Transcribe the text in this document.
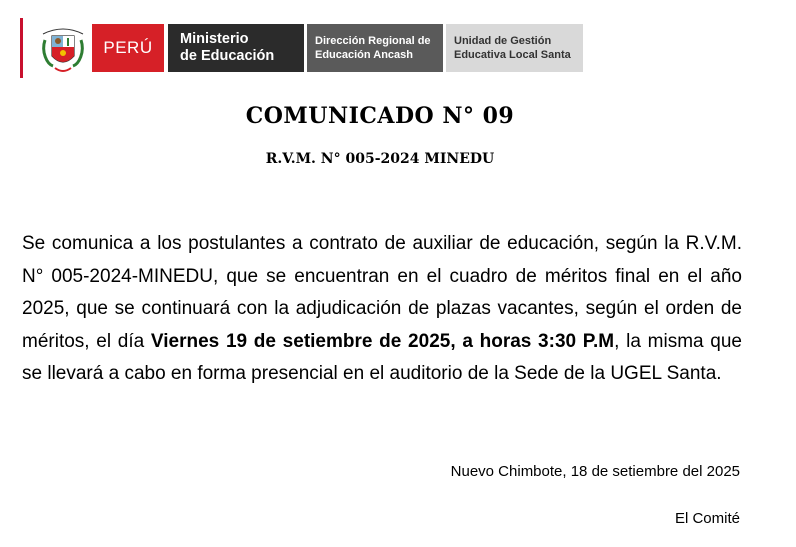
PERÚ Ministerio
de Educación
Dirección Regional de
Educación Ancash
Unidad de Gestión
Educativa Local Santa
COMUNICADO N° 09
R.V.M. N° 005-2024 MINEDU

Se comunica a los postulantes a contrato de auxiliar de educación, según la R.V.M. N° 005-2024-MINEDU, que se encuentran en el cuadro de méritos final en el año 2025, que se continuará con la adjudicación de plazas vacantes, según el orden de méritos, el día Viernes 19 de setiembre de 2025, a horas 3:30 P.M, la misma que se llevará a cabo en forma presencial en el auditorio de la Sede de la UGEL Santa.

Nuevo Chimbote, 18 de setiembre del 2025
El Comité
